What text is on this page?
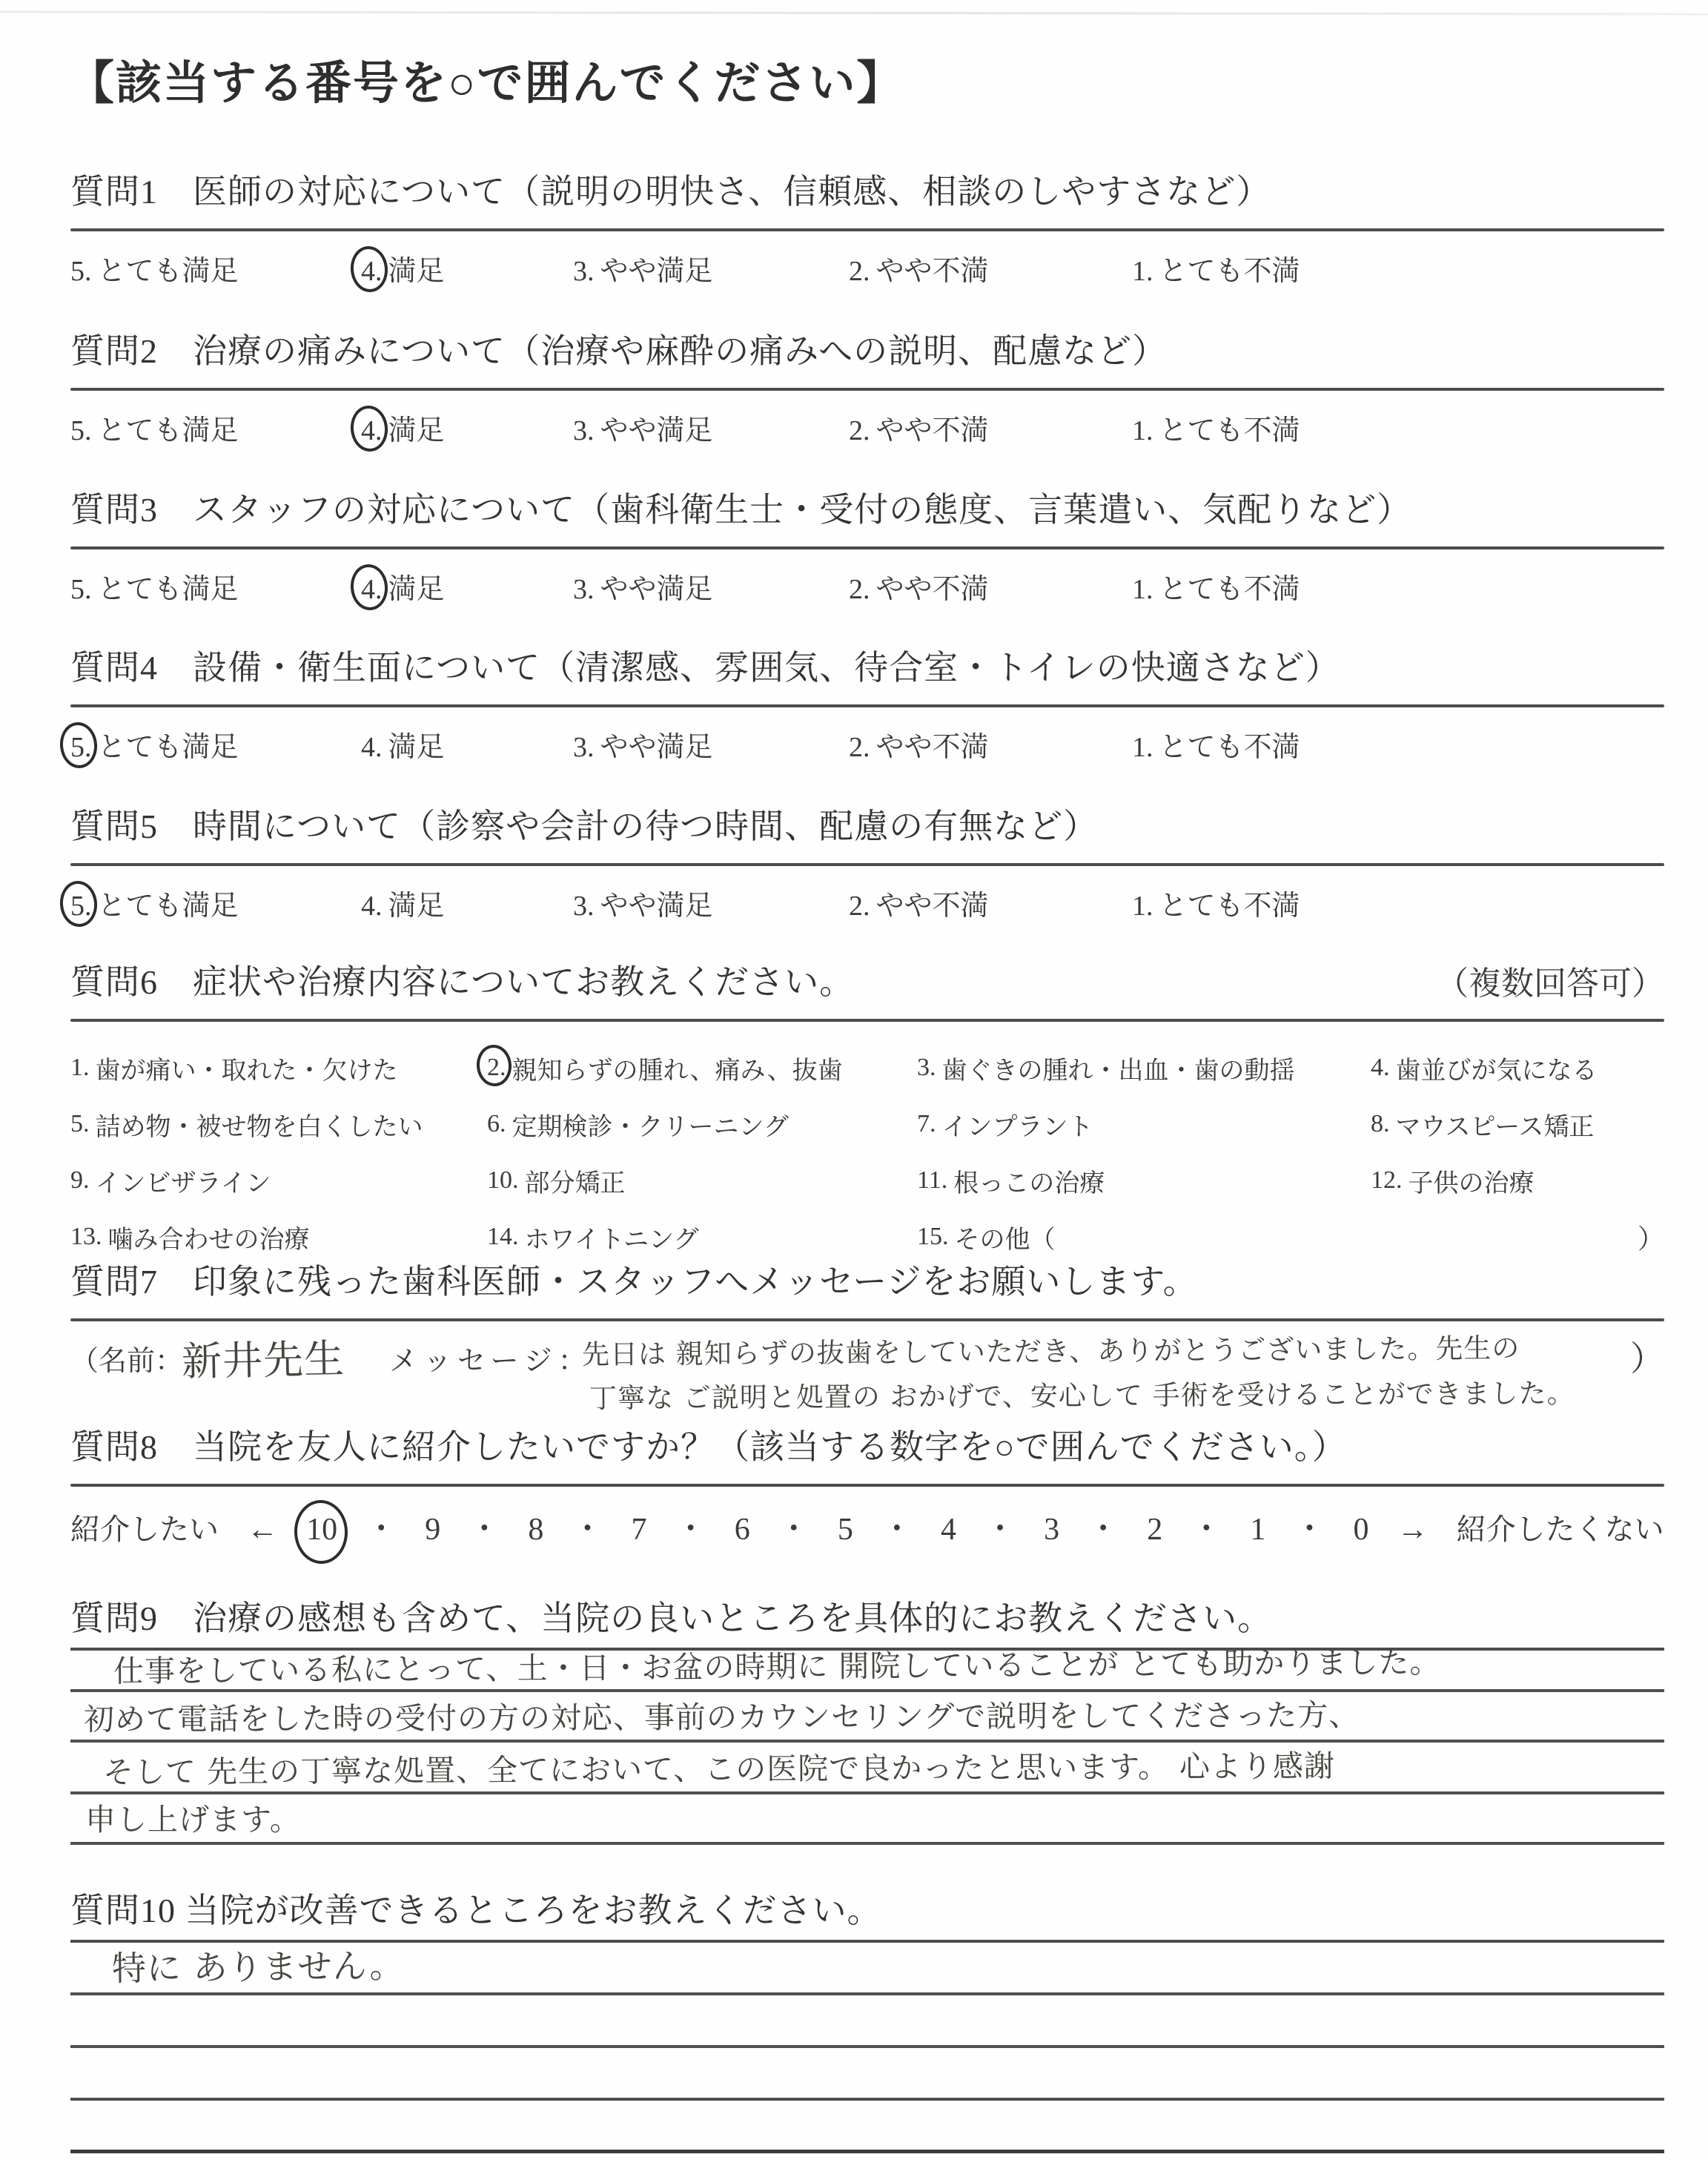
【該当する番号を○で囲んでください】
質問1　医師の対応について（説明の明快さ、信頼感、相談のしやすさなど）
5. とても満足	4. 満足	3. やや満足	2. やや不満	1. とても不満
質問2　治療の痛みについて（治療や麻酔の痛みへの説明、配慮など）
5. とても満足	4. 満足	3. やや満足	2. やや不満	1. とても不満
質問3　スタッフの対応について（歯科衛生士・受付の態度、言葉遣い、気配りなど）
5. とても満足	4. 満足	3. やや満足	2. やや不満	1. とても不満
質問4　設備・衛生面について（清潔感、雰囲気、待合室・トイレの快適さなど）
5. とても満足	4. 満足	3. やや満足	2. やや不満	1. とても不満
質問5　時間について（診察や会計の待つ時間、配慮の有無など）
5. とても満足	4. 満足	3. やや満足	2. やや不満	1. とても不満
質問6　症状や治療内容についてお教えください。	（複数回答可）
1. 歯が痛い・取れた・欠けた	2. 親知らずの腫れ、痛み、抜歯	3. 歯ぐきの腫れ・出血・歯の動揺	4. 歯並びが気になる
5. 詰め物・被せ物を白くしたい	6. 定期検診・クリーニング	7. インプラント	8. マウスピース矯正
9. インビザライン	10. 部分矯正	11. 根っこの治療	12. 子供の治療
13. 噛み合わせの治療	14. ホワイトニング	15. その他（	）
質問7　印象に残った歯科医師・スタッフへメッセージをお願いします。
（名前：
新井先生 メッセージ：
先日は 親知らずの抜歯をしていただき、ありがとうございました。先生の	）
丁寧な ご説明と処置の おかげで、安心して 手術を受けることができました。
質問8　当院を友人に紹介したいですか？（該当する数字を○で囲んでください。）
紹介したい ← 10 ・ 9 ・ 8 ・ 7 ・ 6 ・ 5 ・ 4 ・ 3 ・ 2 ・ 1 ・ 0 → 紹介したくない
質問9　治療の感想も含めて、当院の良いところを具体的にお教えください。
仕事をしている私にとって、土・日・お盆の時期に 開院していることが とても助かりました。
初めて電話をした時の受付の方の対応、事前のカウンセリングで説明をしてくださった方、
そして 先生の丁寧な処置、全てにおいて、この医院で良かったと思います。 心より感謝
申し上げます。
質問10 当院が改善できるところをお教えください。
特に ありません。
